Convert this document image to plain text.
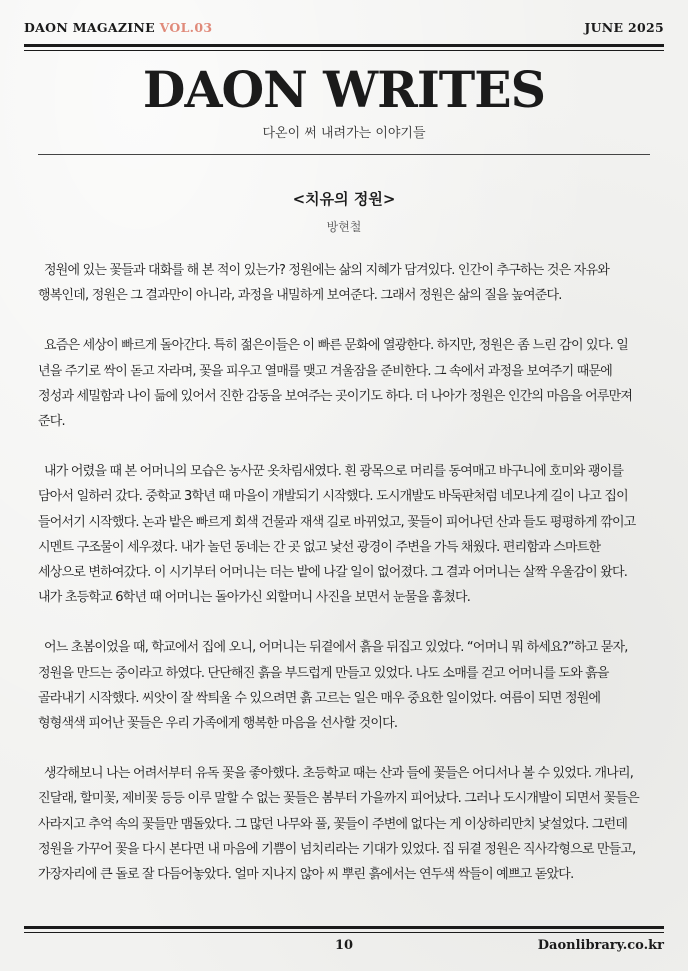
DAON MAGAZINE VOL.03	JUNE 2025
DAON WRITES
다온이 써 내려가는 이야기들
<치유의 정원>
방현철

정원에 있는 꽃들과 대화를 해 본 적이 있는가? 정원에는 삶의 지혜가 담겨있다. 인간이 추구하는 것은 자유와 행복인데, 정원은 그 결과만이 아니라, 과정을 내밀하게 보여준다. 그래서 정원은 삶의 질을 높여준다.

요즘은 세상이 빠르게 돌아간다. 특히 젊은이들은 이 빠른 문화에 열광한다. 하지만, 정원은 좀 느린 감이 있다. 일 년을 주기로 싹이 돋고 자라며, 꽃을 피우고 열매를 맺고 겨울잠을 준비한다. 그 속에서 과정을 보여주기 때문에 정성과 세밀함과 나이 듦에 있어서 진한 감동을 보여주는 곳이기도 하다. 더 나아가 정원은 인간의 마음을 어루만져 준다.

내가 어렸을 때 본 어머니의 모습은 농사꾼 옷차림새였다. 흰 광목으로 머리를 동여매고 바구니에 호미와 괭이를 담아서 일하러 갔다. 중학교 3학년 때 마을이 개발되기 시작했다. 도시개발도 바둑판처럼 네모나게 길이 나고 집이 들어서기 시작했다. 논과 밭은 빠르게 회색 건물과 재색 길로 바뀌었고, 꽃들이 피어나던 산과 들도 평평하게 깎이고 시멘트 구조물이 세우졌다. 내가 놀던 동네는 간 곳 없고 낯선 광경이 주변을 가득 채웠다. 편리함과 스마트한 세상으로 변하여갔다. 이 시기부터 어머니는 더는 밭에 나갈 일이 없어졌다. 그 결과 어머니는 살짝 우울감이 왔다. 내가 초등학교 6학년 때 어머니는 돌아가신 외할머니 사진을 보면서 눈물을 훔쳤다.

어느 초봄이었을 때, 학교에서 집에 오니, 어머니는 뒤곁에서 흙을 뒤집고 있었다. “어머니 뭐 하세요?”하고 묻자, 정원을 만드는 중이라고 하였다. 단단해진 흙을 부드럽게 만들고 있었다. 나도 소매를 걷고 어머니를 도와 흙을 골라내기 시작했다. 씨앗이 잘 싹틔울 수 있으려면 흙 고르는 일은 매우 중요한 일이었다. 여름이 되면 정원에 형형색색 피어난 꽃들은 우리 가족에게 행복한 마음을 선사할 것이다.

생각해보니 나는 어려서부터 유독 꽃을 좋아했다. 초등학교 때는 산과 들에 꽃들은 어디서나 볼 수 있었다. 개나리, 진달래, 할미꽃, 제비꽃 등등 이루 말할 수 없는 꽃들은 봄부터 가을까지 피어났다. 그러나 도시개발이 되면서 꽃들은 사라지고 추억 속의 꽃들만 맴돌았다. 그 많던 나무와 풀, 꽃들이 주변에 없다는 게 이상하리만치 낯설었다. 그런데 정원을 가꾸어 꽃을 다시 본다면 내 마음에 기쁨이 넘치리라는 기대가 있었다. 집 뒤곁 정원은 직사각형으로 만들고, 가장자리에 큰 돌로 잘 다듬어놓았다. 얼마 지나지 않아 씨 뿌린 흙에서는 연두색 싹들이 예쁘고 돋았다.

10	Daonlibrary.co.kr
